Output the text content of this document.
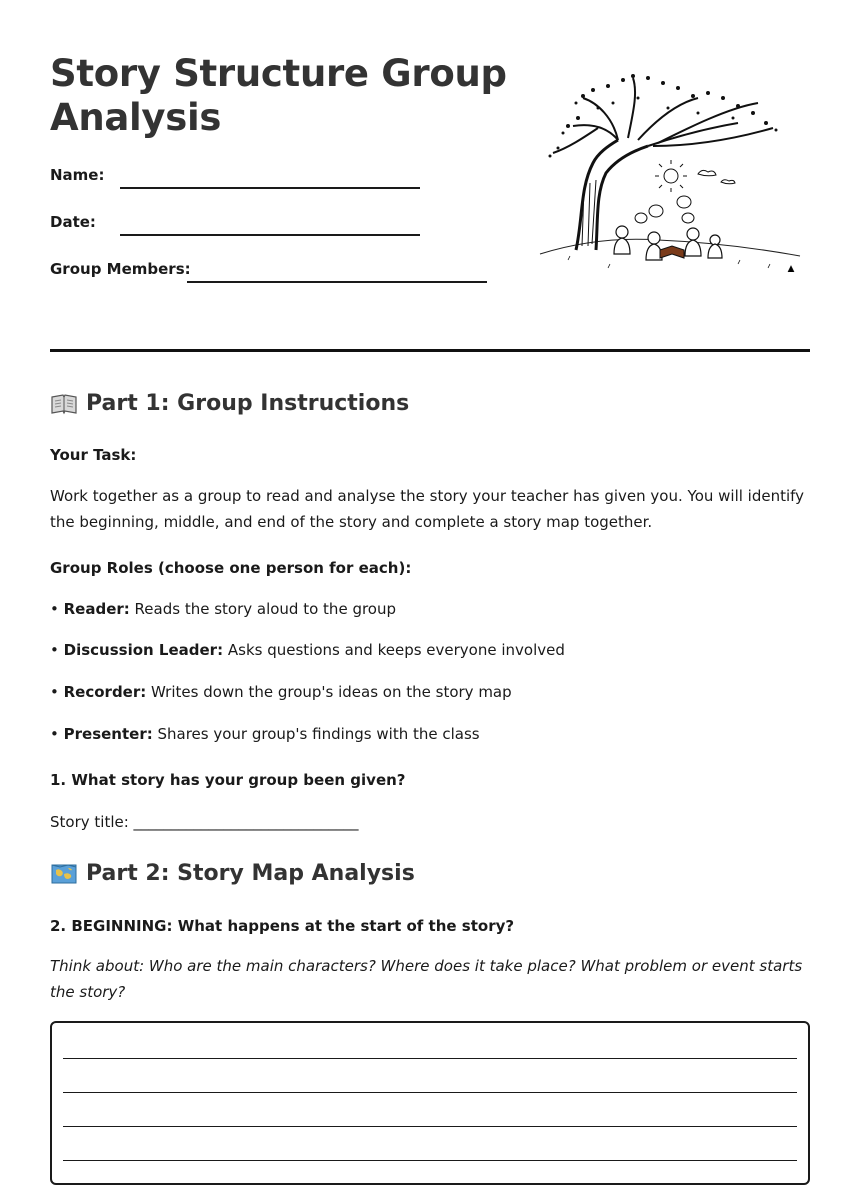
Story Structure Group Analysis
Name:
Date:
Group Members:
Part 1: Group Instructions
Your Task:
Work together as a group to read and analyse the story your teacher has given you. You will identify the beginning, middle, and end of the story and complete a story map together.
Group Roles (choose one person for each):
• Reader: Reads the story aloud to the group
• Discussion Leader: Asks questions and keeps everyone involved
• Recorder: Writes down the group's ideas on the story map
• Presenter: Shares your group's findings with the class
1. What story has your group been given?
Story title: ______________________________
Part 2: Story Map Analysis
2. BEGINNING: What happens at the start of the story?
Think about: Who are the main characters? Where does it take place? What problem or event starts the story?
